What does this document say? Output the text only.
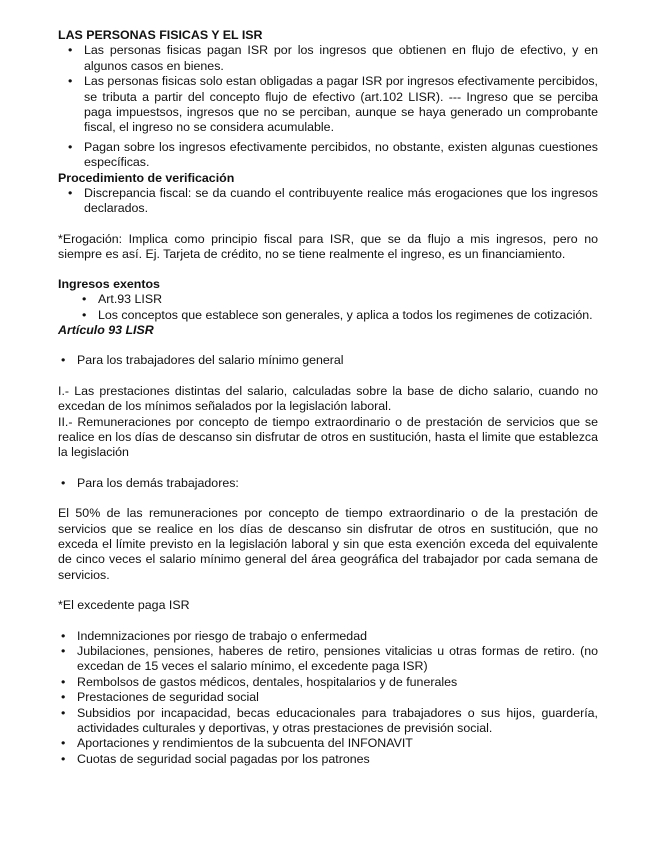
LAS PERSONAS FISICAS Y EL ISR
• Las personas fisicas pagan ISR por los ingresos que obtienen en flujo de efectivo, y en algunos casos en bienes.
• Las personas fisicas solo estan obligadas a pagar ISR por ingresos efectivamente percibidos, se tributa a partir del concepto flujo de efectivo (art.102 LISR). --- Ingreso que se perciba paga impuestsos, ingresos que no se perciban, aunque se haya generado un comprobante fiscal, el ingreso no se considera acumulable.
• Pagan sobre los ingresos efectivamente percibidos, no obstante, existen algunas cuestiones específicas.
Procedimiento de verificación
• Discrepancia fiscal: se da cuando el contribuyente realice más erogaciones que los ingresos declarados.

*Erogación: Implica como principio fiscal para ISR, que se da flujo a mis ingresos, pero no siempre es así. Ej. Tarjeta de crédito, no se tiene realmente el ingreso, es un financiamiento.

Ingresos exentos
• Art.93 LISR
• Los conceptos que establece son generales, y aplica a todos los regimenes de cotización.
Artículo 93 LISR
• Para los trabajadores del salario mínimo general

I.- Las prestaciones distintas del salario, calculadas sobre la base de dicho salario, cuando no excedan de los mínimos señalados por la legislación laboral.

II.- Remuneraciones por concepto de tiempo extraordinario o de prestación de servicios que se realice en los días de descanso sin disfrutar de otros en sustitución, hasta el limite que establezca la legislación

• Para los demás trabajadores:

El 50% de las remuneraciones por concepto de tiempo extraordinario o de la prestación de servicios que se realice en los días de descanso sin disfrutar de otros en sustitución, que no exceda el límite previsto en la legislación laboral y sin que esta exención exceda del equivalente de cinco veces el salario mínimo general del área geográfica del trabajador por cada semana de servicios.

*El excedente paga ISR

• Indemnizaciones por riesgo de trabajo o enfermedad
• Jubilaciones, pensiones, haberes de retiro, pensiones vitalicias u otras formas de retiro. (no excedan de 15 veces el salario mínimo, el excedente paga ISR)
• Rembolsos de gastos médicos, dentales, hospitalarios y de funerales
• Prestaciones de seguridad social
• Subsidios por incapacidad, becas educacionales para trabajadores o sus hijos, guardería, actividades culturales y deportivas, y otras prestaciones de previsión social.
• Aportaciones y rendimientos de la subcuenta del INFONAVIT
• Cuotas de seguridad social pagadas por los patrones
